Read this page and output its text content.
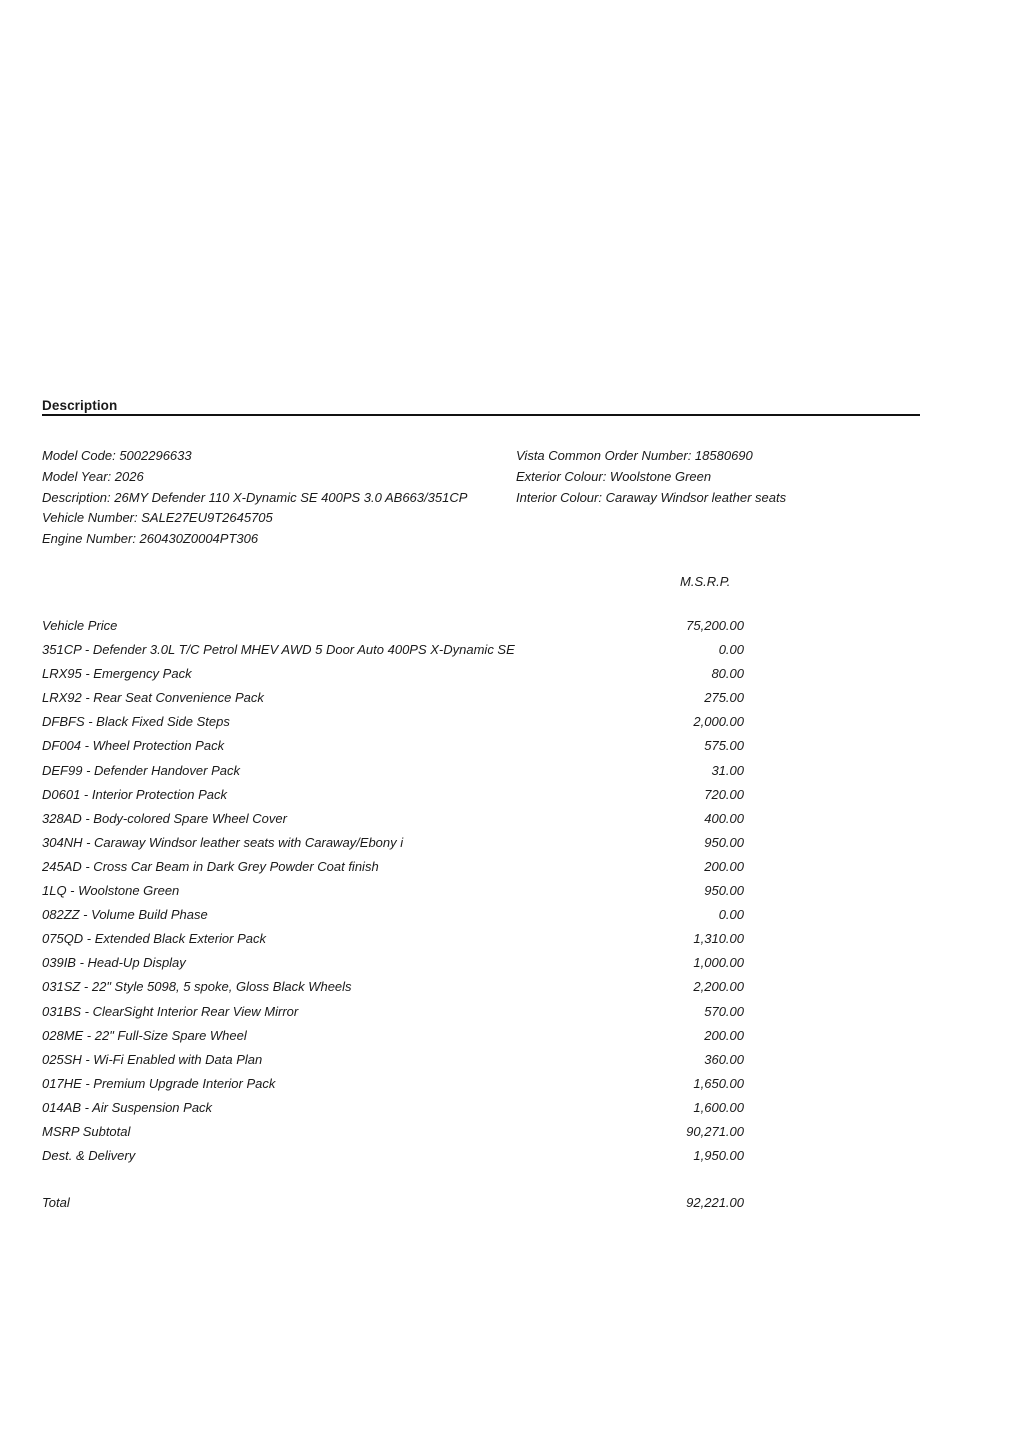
Description
Model Code: 5002296633
Model Year: 2026
Description: 26MY Defender 110 X-Dynamic SE 400PS 3.0 AB663/351CP
Vehicle Number: SALE27EU9T2645705
Engine Number: 260430Z0004PT306
Vista Common Order Number: 18580690
Exterior Colour: Woolstone Green
Interior Colour: Caraway Windsor leather seats
M.S.R.P.
Vehicle Price	75,200.00
351CP - Defender 3.0L T/C Petrol MHEV AWD 5 Door Auto 400PS X-Dynamic SE	0.00
LRX95 - Emergency Pack	80.00
LRX92 - Rear Seat Convenience Pack	275.00
DFBFS - Black Fixed Side Steps	2,000.00
DF004 - Wheel Protection Pack	575.00
DEF99 - Defender Handover Pack	31.00
D0601 - Interior Protection Pack	720.00
328AD - Body-colored Spare Wheel Cover	400.00
304NH - Caraway Windsor leather seats with Caraway/Ebony i	950.00
245AD - Cross Car Beam in Dark Grey Powder Coat finish	200.00
1LQ - Woolstone Green	950.00
082ZZ - Volume Build Phase	0.00
075QD - Extended Black Exterior Pack	1,310.00
039IB - Head-Up Display	1,000.00
031SZ - 22" Style 5098, 5 spoke, Gloss Black Wheels	2,200.00
031BS - ClearSight Interior Rear View Mirror	570.00
028ME - 22" Full-Size Spare Wheel	200.00
025SH - Wi-Fi Enabled with Data Plan	360.00
017HE - Premium Upgrade Interior Pack	1,650.00
014AB - Air Suspension Pack	1,600.00
MSRP Subtotal	90,271.00
Dest. & Delivery	1,950.00
Total	92,221.00
